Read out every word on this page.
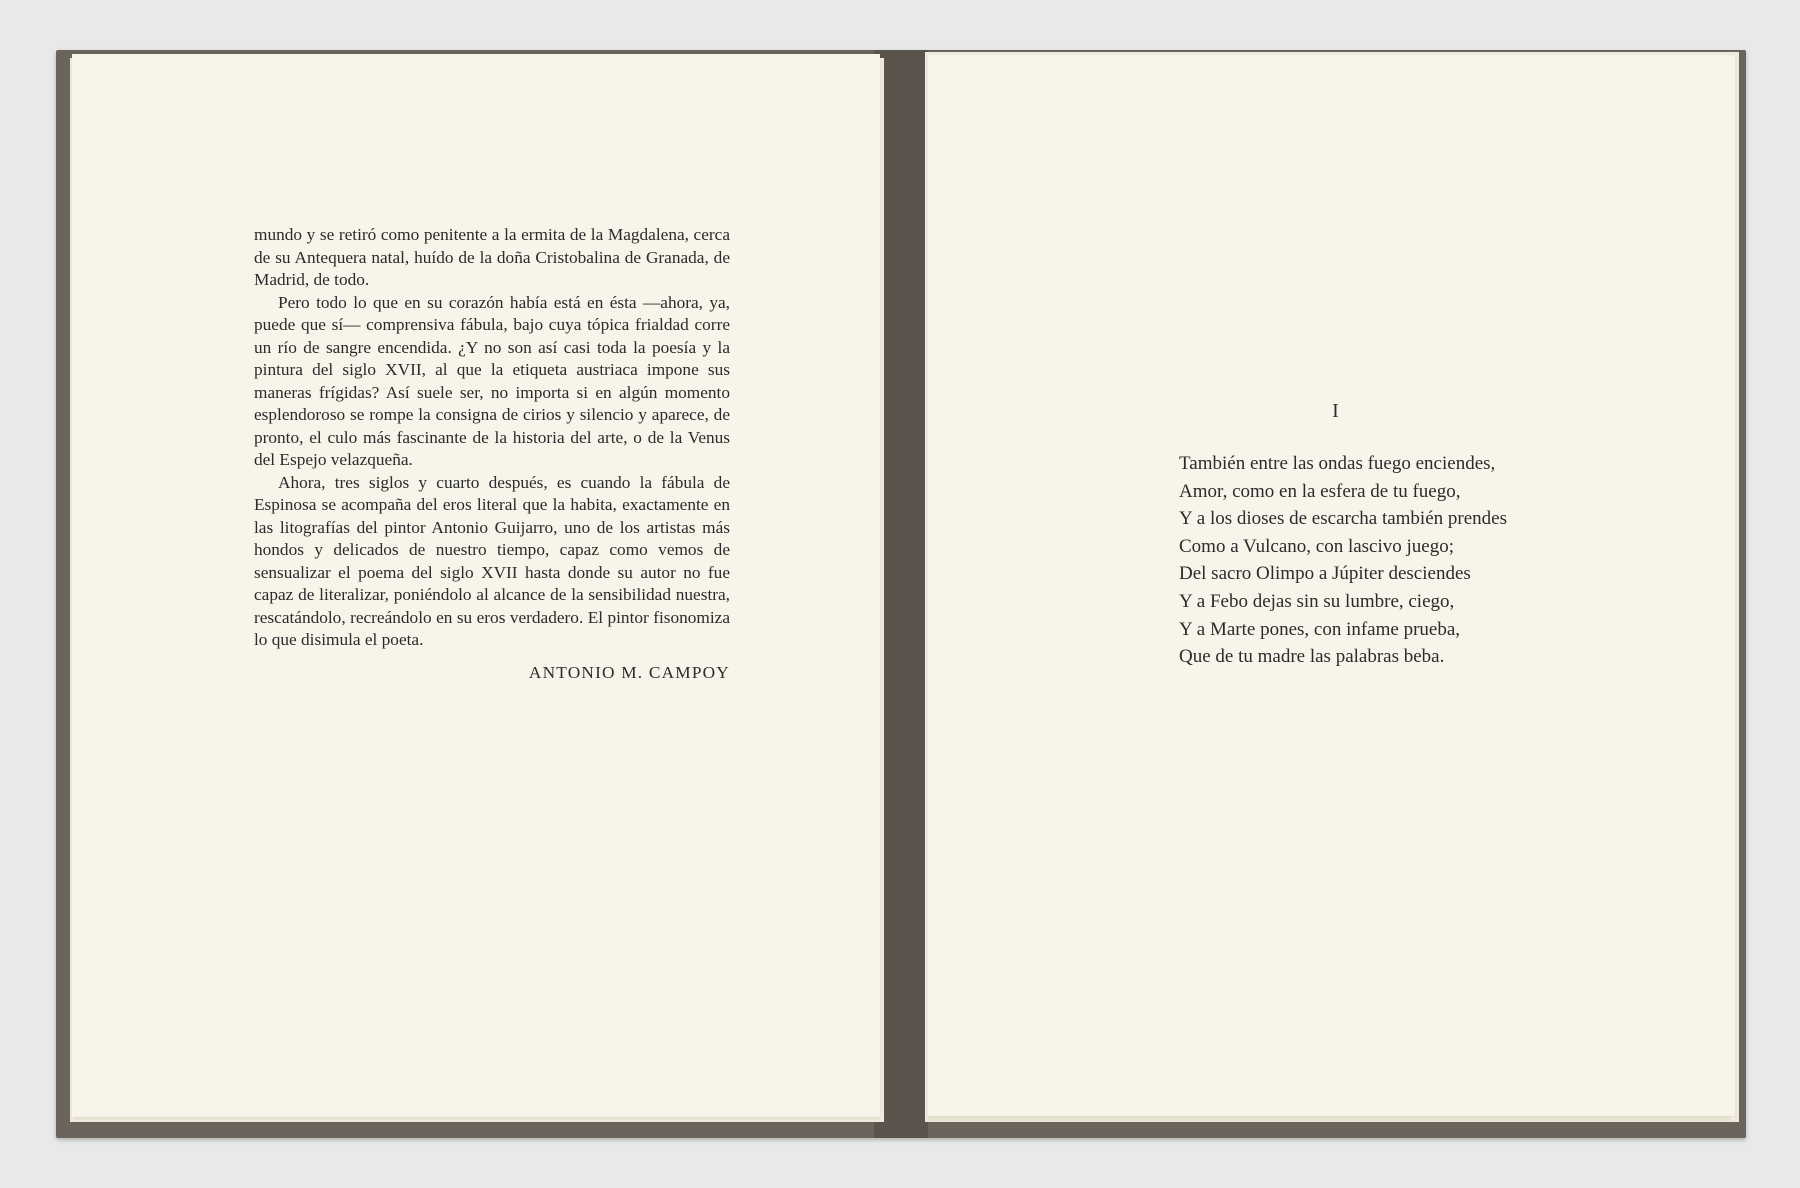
mundo y se retiró como penitente a la ermita de la Magdalena, cerca de su Antequera natal, huído de la doña Cristobalina de Granada, de Madrid, de todo.

Pero todo lo que en su corazón había está en ésta —ahora, ya, puede que sí— comprensiva fábula, bajo cuya tópica frialdad corre un río de sangre encendida. ¿Y no son así casi toda la poesía y la pintura del siglo XVII, al que la etiqueta austriaca impone sus maneras frígidas? Así suele ser, no importa si en algún momento esplendoroso se rompe la consigna de cirios y silencio y aparece, de pronto, el culo más fascinante de la historia del arte, o de la Venus del Espejo velazqueña.

Ahora, tres siglos y cuarto después, es cuando la fábula de Espinosa se acompaña del eros literal que la habita, exactamente en las litografías del pintor Antonio Guijarro, uno de los artistas más hondos y delicados de nuestro tiempo, capaz como vemos de sensualizar el poema del siglo XVII hasta donde su autor no fue capaz de literalizar, poniéndolo al alcance de la sensibilidad nuestra, rescatándolo, recreándolo en su eros verdadero. El pintor fisonomiza lo que disimula el poeta.

ANTONIO M. CAMPOY
I
También entre las ondas fuego enciendes,
Amor, como en la esfera de tu fuego,
Y a los dioses de escarcha también prendes
Como a Vulcano, con lascivo juego;
Del sacro Olimpo a Júpiter desciendes
Y a Febo dejas sin su lumbre, ciego,
Y a Marte pones, con infame prueba,
Que de tu madre las palabras beba.
